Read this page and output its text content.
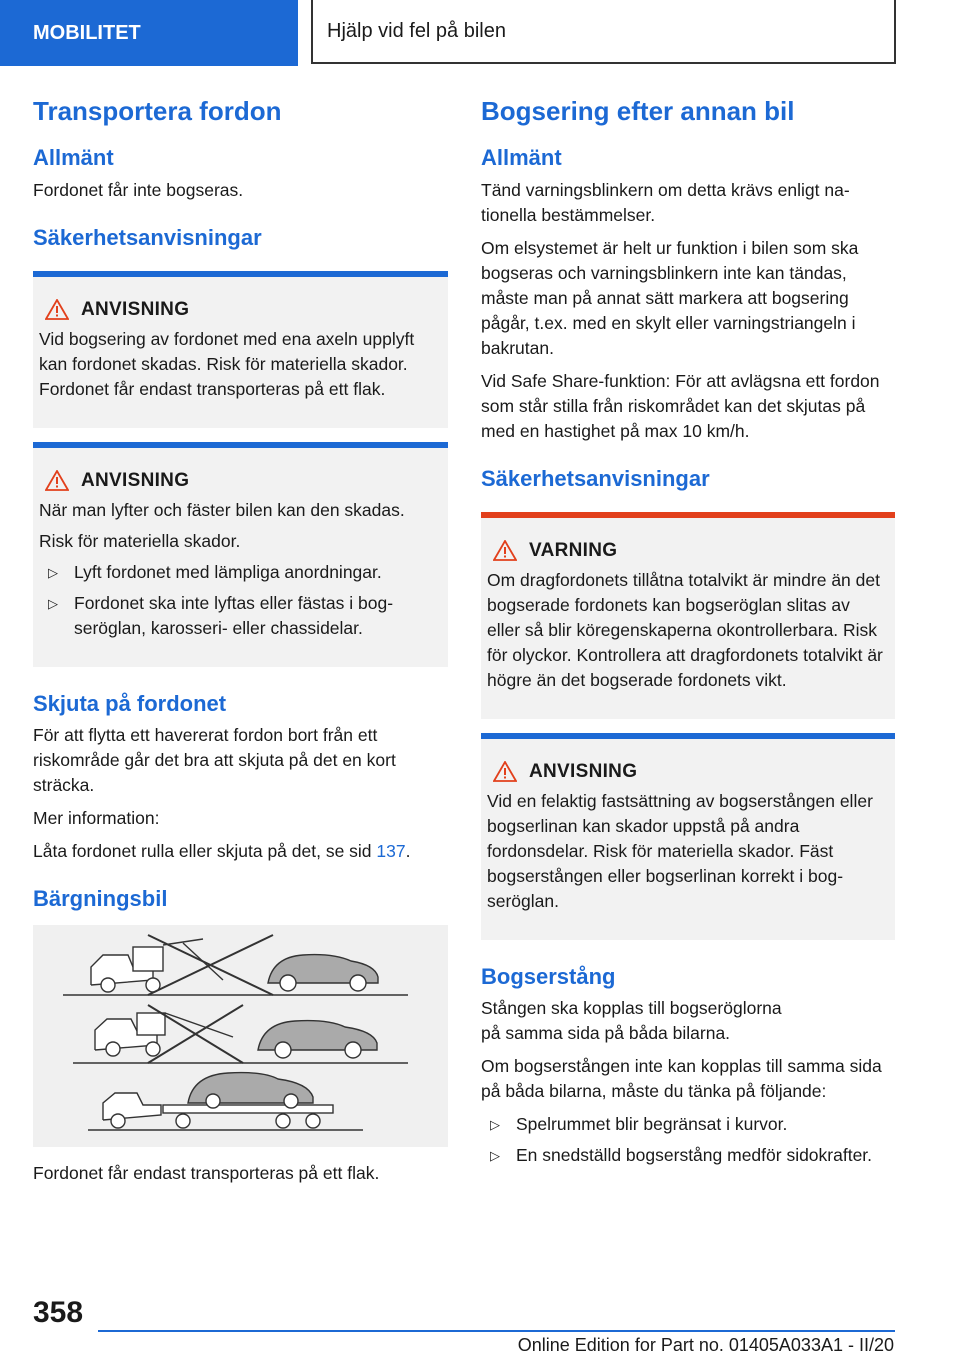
MOBILITET	Hjälp vid fel på bilen
Transportera fordon
Allmänt

Fordonet får inte bogseras.

Säkerhetsanvisningar
ANVISNING

Vid bogsering av fordonet med ena axeln upplyft kan fordonet skadas. Risk för materiella skador. Fordonet får endast transporteras på ett flak.

ANVISNING

När man lyfter och fäster bilen kan den skadas.

Risk för materiella skador.

▷ Lyft fordonet med lämpliga anordningar.
▷ Fordonet ska inte lyftas eller fästas i bogseröglan, karosseri- eller chassidelar.
Skjuta på fordonet

För att flytta ett havererat fordon bort från ett riskområde går det bra att skjuta på det en kort sträcka.

Mer information:

Låta fordonet rulla eller skjuta på det, se sid 137.

Bärgningsbil

Fordonet får endast transporteras på ett flak.

Bogsering efter annan bil
Allmänt

Tänd varningsblinkern om detta krävs enligt nationella bestämmelser.

Om elsystemet är helt ur funktion i bilen som ska bogseras och varningsblinkern inte kan tändas, måste man på annat sätt markera att bogsering pågår, t.ex. med en skylt eller varningstriangeln i bakrutan.

Vid Safe Share-funktion: För att avlägsna ett fordon som står stilla från riskområdet kan det skjutas på med en hastighet på max 10 km/h.

Säkerhetsanvisningar
VARNING

Om dragfordonets tillåtna totalvikt är mindre än det bogserade fordonets kan bogseröglan slitas av eller så blir köregenskaperna okontrollerbara. Risk för olyckor. Kontrollera att dragfordonets totalvikt är högre än det bogserade fordonets vikt.

ANVISNING

Vid en felaktig fastsättning av bogserstången eller bogserlinan kan skador uppstå på andra fordonsdelar. Risk för materiella skador. Fäst bogserstången eller bogserlinan korrekt i bogseröglan.

Bogserstång

Stången ska kopplas till bogseröglorna
på samma sida på båda bilarna.

Om bogserstången inte kan kopplas till samma sida på båda bilarna, måste du tänka på följande:

▷ Spelrummet blir begränsat i kurvor.
▷ En snedställd bogserstång medför sidokrafter.
358
Online Edition for Part no. 01405A033A1 - II/20
